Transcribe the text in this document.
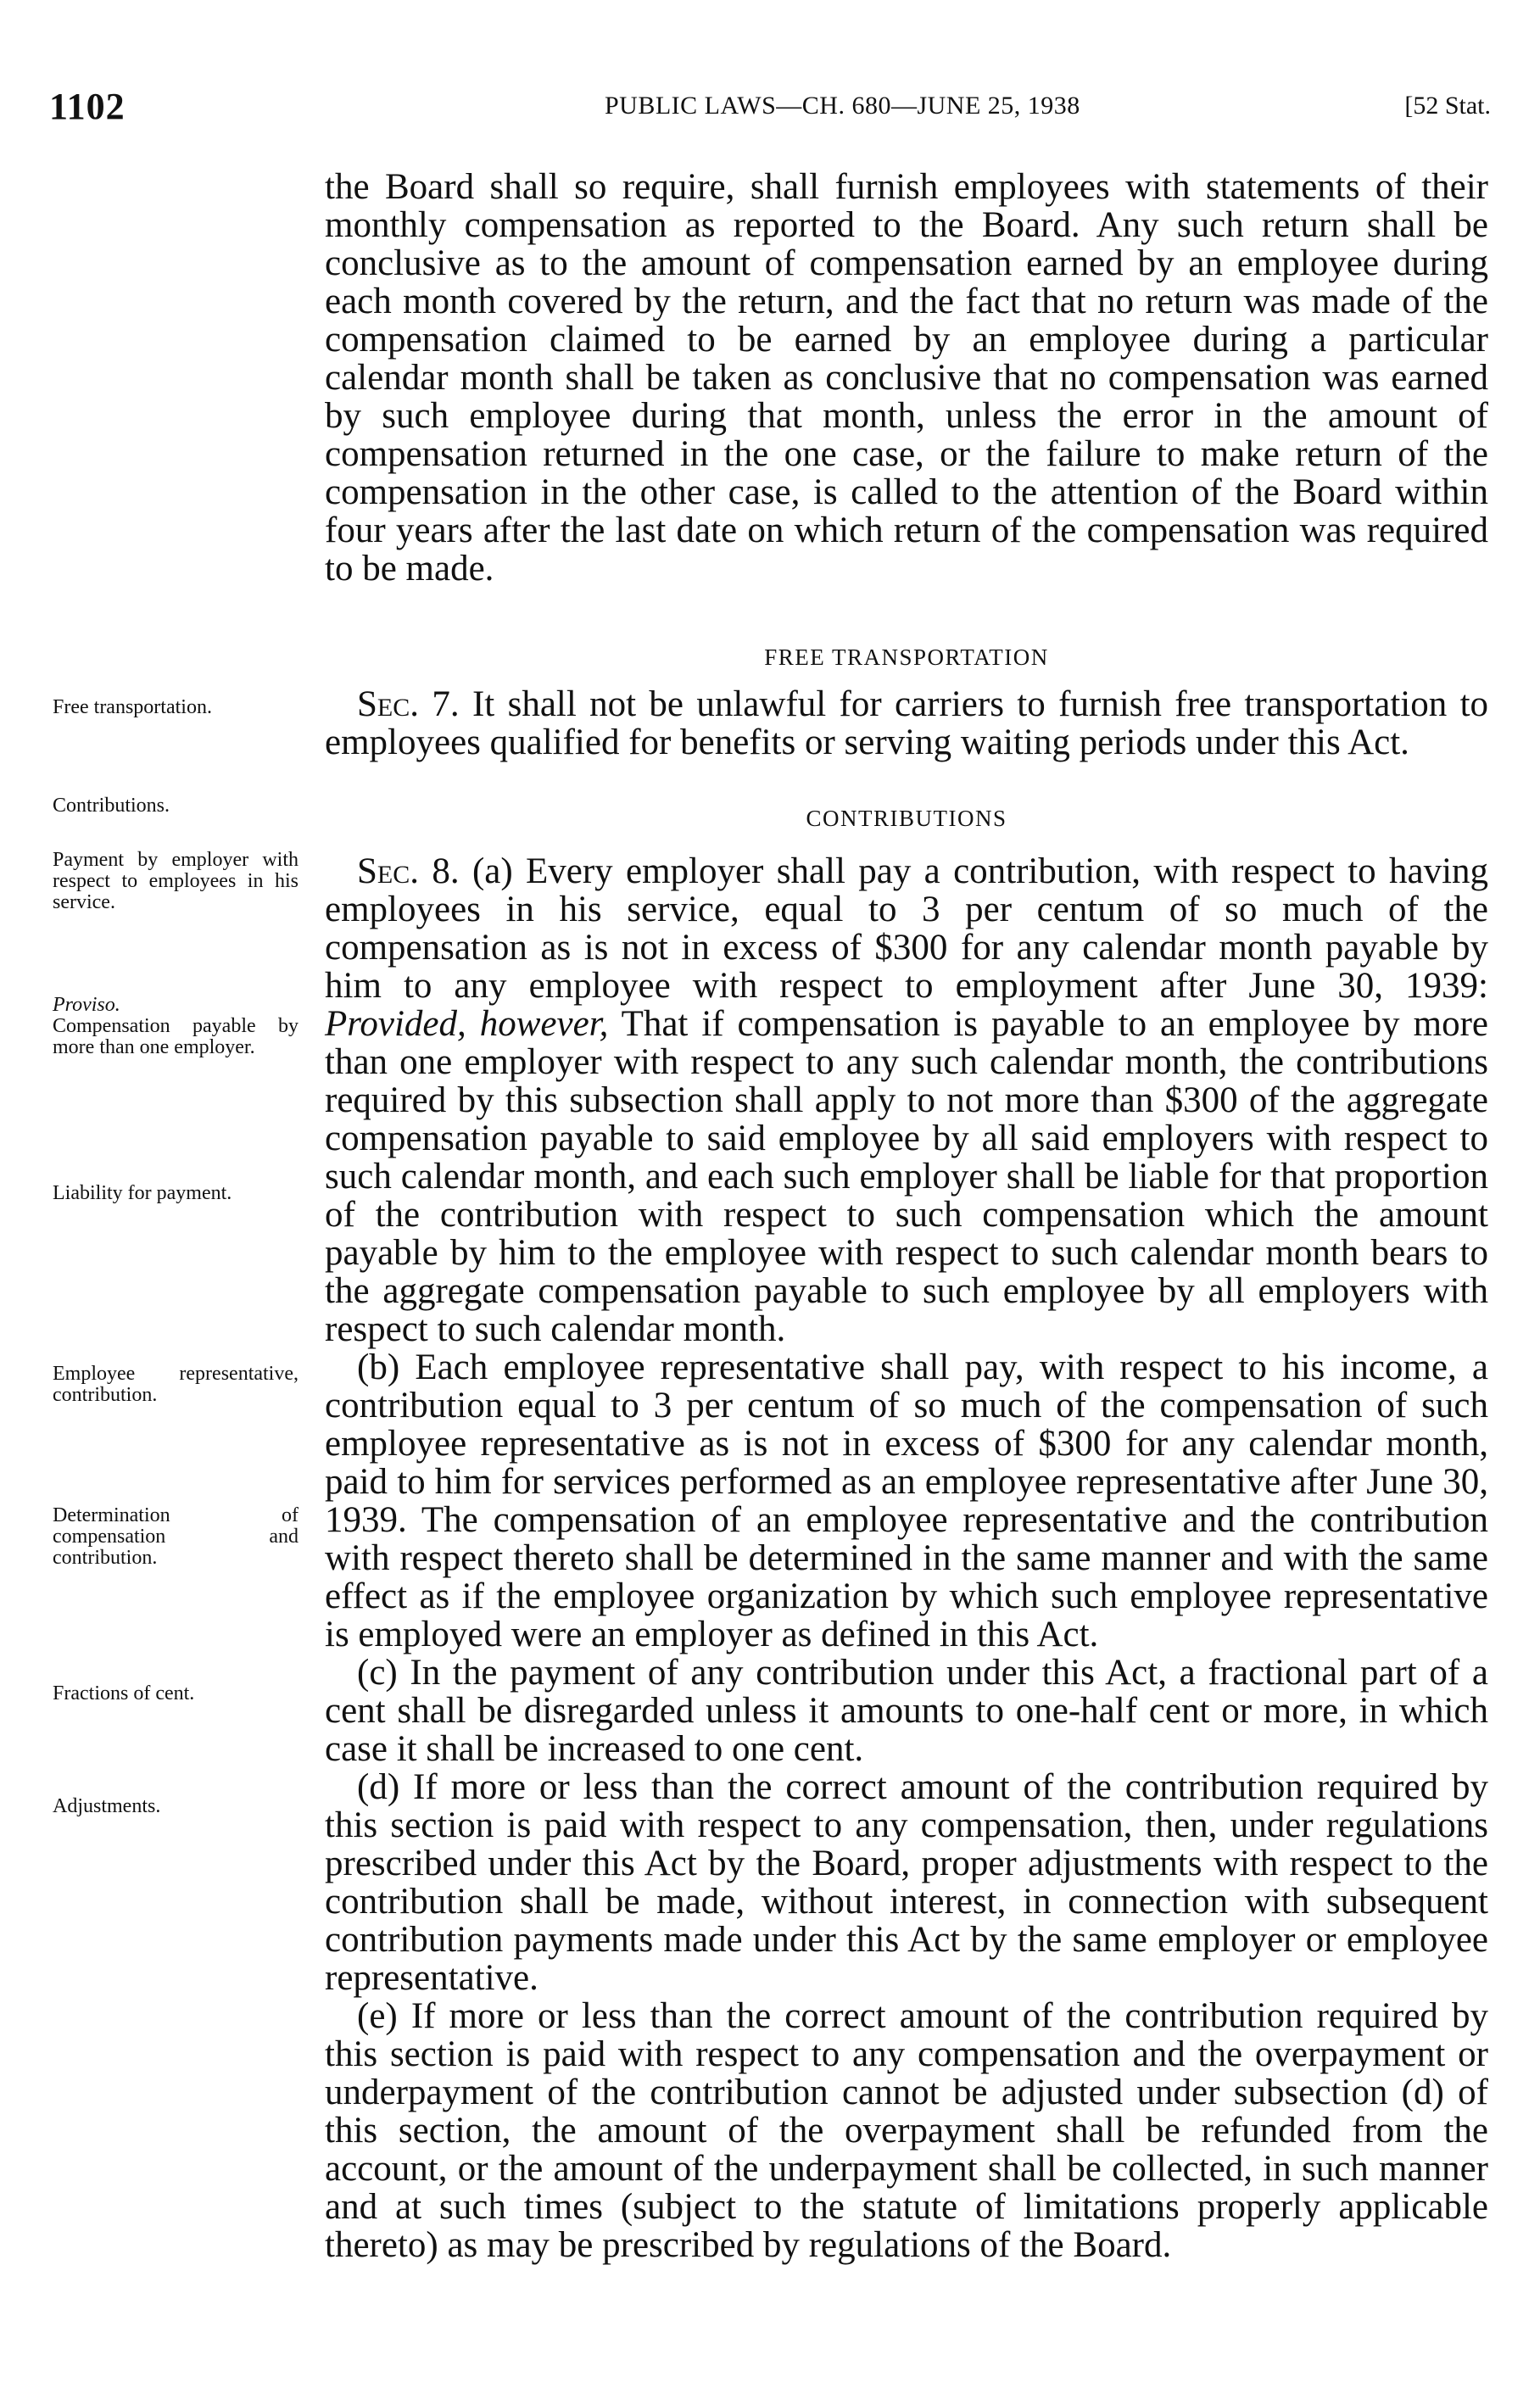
1102	PUBLIC LAWS—CH. 680—JUNE 25, 1938	[52 Stat.

Free transportation.

Contributions.

Payment by employer with respect to employees in his service.

Proviso.

Compensation payable by more than one employer.

Liability for payment.

Employee representative, contribution.

Determination of compensation and contribution.

Fractions of cent.

Adjustments.

the Board shall so require, shall furnish employees with statements of their monthly compensation as reported to the Board. Any such return shall be conclusive as to the amount of compensation earned by an employee during each month covered by the return, and the fact that no return was made of the compensation claimed to be earned by an employee during a particular calendar month shall be taken as conclusive that no compensation was earned by such employee during that month, unless the error in the amount of compensation returned in the one case, or the failure to make return of the compensation in the other case, is called to the attention of the Board within four years after the last date on which return of the compensation was required to be made.

FREE TRANSPORTATION

Sec. 7. It shall not be unlawful for carriers to furnish free transportation to employees qualified for benefits or serving waiting periods under this Act.

CONTRIBUTIONS

Sec. 8. (a) Every employer shall pay a contribution, with respect to having employees in his service, equal to 3 per centum of so much of the compensation as is not in excess of $300 for any calendar month payable by him to any employee with respect to employment after June 30, 1939: Provided, however, That if compensation is payable to an employee by more than one employer with respect to any such calendar month, the contributions required by this subsection shall apply to not more than $300 of the aggregate compensation payable to said employee by all said employers with respect to such calendar month, and each such employer shall be liable for that proportion of the contribution with respect to such compensation which the amount payable by him to the employee with respect to such calendar month bears to the aggregate compensation payable to such employee by all employers with respect to such calendar month.

(b) Each employee representative shall pay, with respect to his income, a contribution equal to 3 per centum of so much of the compensation of such employee representative as is not in excess of $300 for any calendar month, paid to him for services performed as an employee representative after June 30, 1939. The compensation of an employee representative and the contribution with respect thereto shall be determined in the same manner and with the same effect as if the employee organization by which such employee representative is employed were an employer as defined in this Act.

(c) In the payment of any contribution under this Act, a fractional part of a cent shall be disregarded unless it amounts to one-half cent or more, in which case it shall be increased to one cent.

(d) If more or less than the correct amount of the contribution required by this section is paid with respect to any compensation, then, under regulations prescribed under this Act by the Board, proper adjustments with respect to the contribution shall be made, without interest, in connection with subsequent contribution payments made under this Act by the same employer or employee representative.

(e) If more or less than the correct amount of the contribution required by this section is paid with respect to any compensation and the overpayment or underpayment of the contribution cannot be adjusted under subsection (d) of this section, the amount of the overpayment shall be refunded from the account, or the amount of the underpayment shall be collected, in such manner and at such times (subject to the statute of limitations properly applicable thereto) as may be prescribed by regulations of the Board.
